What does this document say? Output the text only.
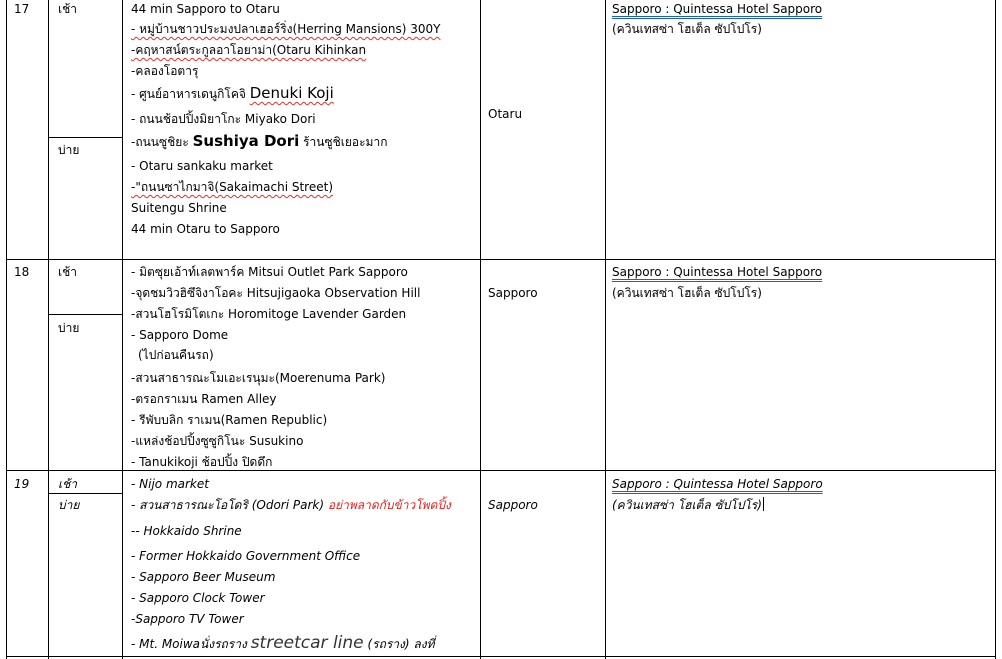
17 เช้า
บ่าย
Otaru
Sapporo : Quintessa Hotel Sapporo
(ควินเทสซ่า โฮเต็ล ซัปโปโร)
44 min Sapporo to Otaru
- หมู่บ้านชาวประมงปลาเฮอร์ริ่ง(Herring Mansions) 300Y
-คฤหาสน์ตระกูลอาโอยาม่า(Otaru Kihinkan
-คลองโอตารุ
- ศูนย์อาหารเดนูกิโคจิ
Denuki Koji
- ถนนช้อปปิ้งมิยาโกะ Miyako Dori
-ถนนซูชิยะ
Sushiya Dori
ร้านซูชิเยอะมาก
- Otaru sankaku market
-"ถนนซาไกมาจิ(Sakaimachi Street)
Suitengu Shrine
44 min Otaru to Sapporo
18 เช้า
บ่าย
Sapporo
Sapporo : Quintessa Hotel Sapporo
(ควินเทสซ่า โฮเต็ล ซัปโปโร)
- มิตซุยเอ้าท์เลตพาร์ค Mitsui Outlet Park Sapporo
-จุดชมวิวฮิซึจิงาโอคะ Hitsujigaoka Observation Hill
-สวนโฮโรมิโตเกะ Horomitoge Lavender Garden
- Sapporo Dome
(ไปก่อนคืนรถ)
-สวนสาธารณะโมเอะเรนุมะ(Moerenuma Park)
-ตรอกราเมน Ramen Alley
- รีพับบลิก ราเมน(Ramen Republic)
-แหล่งช้อปปิ้งซูซูกิโนะ Susukino
- Tanukikoji ช้อปปิ้ง ปิดดึก
19 เช้า
บ่าย	Sapporo
Sapporo : Quintessa Hotel Sapporo
(ควินเทสซ่า โฮเต็ล ซัปโปโร)
- Nijo market
- สวนสาธารณะโอโดริ (Odori Park) อย่าพลาดกับข้าวโพดปิ้ง
-- Hokkaido Shrine
- Former Hokkaido Government Office
- Sapporo Beer Museum
- Sapporo Clock Tower
-Sapporo TV Tower
- Mt. Moiwaนั่งรถราง
streetcar line
(รถราง) ลงที่
